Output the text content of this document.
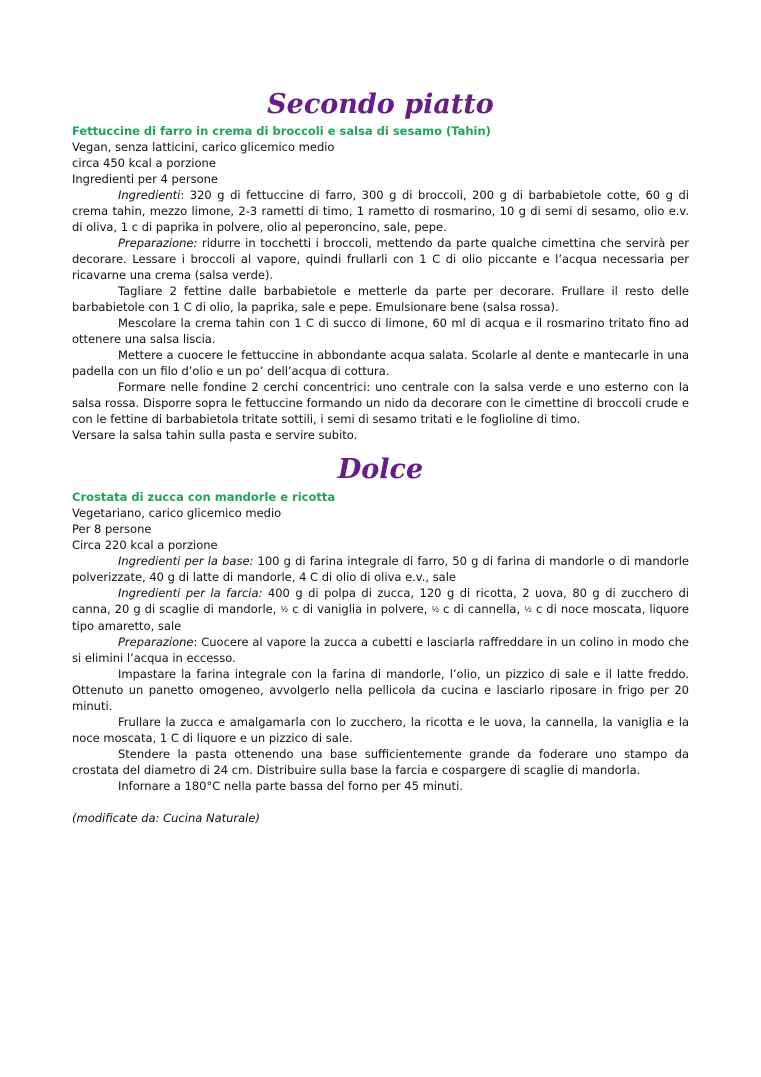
Secondo piatto
Fettuccine di farro in crema di broccoli e salsa di sesamo (Tahin)
Vegan, senza latticini, carico glicemico medio
circa 450 kcal a porzione
Ingredienti per 4 persone

Ingredienti: 320 g di fettuccine di farro, 300 g di broccoli, 200 g di barbabietole cotte, 60 g di crema tahin, mezzo limone, 2-3 rametti di timo, 1 rametto di rosmarino, 10 g di semi di sesamo, olio e.v. di oliva, 1 c di paprika in polvere, olio al peperoncino, sale, pepe.

Preparazione: ridurre in tocchetti i broccoli, mettendo da parte qualche cimettina che servirà per decorare. Lessare i broccoli al vapore, quindi frullarli con 1 C di olio piccante e l’acqua necessaria per ricavarne una crema (salsa verde).

Tagliare 2 fettine dalle barbabietole e metterle da parte per decorare. Frullare il resto delle barbabietole con 1 C di olio, la paprika, sale e pepe. Emulsionare bene (salsa rossa).

Mescolare la crema tahin con 1 C di succo di limone, 60 ml di acqua e il rosmarino tritato fino ad ottenere una salsa liscia.

Mettere a cuocere le fettuccine in abbondante acqua salata. Scolarle al dente e mantecarle in una padella con un filo d’olio e un po’ dell’acqua di cottura.

Formare nelle fondine 2 cerchi concentrici: uno centrale con la salsa verde e uno esterno con la salsa rossa. Disporre sopra le fettuccine formando un nido da decorare con le cimettine di broccoli crude e con le fettine di barbabietola tritate sottili, i semi di sesamo tritati e le foglioline di timo.

Versare la salsa tahin sulla pasta e servire subito.

Dolce
Crostata di zucca con mandorle e ricotta
Vegetariano, carico glicemico medio
Per 8 persone
Circa 220 kcal a porzione

Ingredienti per la base: 100 g di farina integrale di farro, 50 g di farina di mandorle o di mandorle polverizzate, 40 g di latte di mandorle, 4 C di olio di oliva e.v., sale

Ingredienti per la farcia: 400 g di polpa di zucca, 120 g di ricotta, 2 uova, 80 g di zucchero di canna, 20 g di scaglie di mandorle, ½ c di vaniglia in polvere, ½ c di cannella, ½ c di noce moscata, liquore tipo amaretto, sale

Preparazione: Cuocere al vapore la zucca a cubetti e lasciarla raffreddare in un colino in modo che si elimini l’acqua in eccesso.

Impastare la farina integrale con la farina di mandorle, l’olio, un pizzico di sale e il latte freddo. Ottenuto un panetto omogeneo, avvolgerlo nella pellicola da cucina e lasciarlo riposare in frigo per 20 minuti.

Frullare la zucca e amalgamarla con lo zucchero, la ricotta e le uova, la cannella, la vaniglia e la noce moscata, 1 C di liquore e un pizzico di sale.

Stendere la pasta ottenendo una base sufficientemente grande da foderare uno stampo da crostata del diametro di 24 cm. Distribuire sulla base la farcia e cospargere di scaglie di mandorla.

Infornare a 180°C nella parte bassa del forno per 45 minuti.

(modificate da: Cucina Naturale)
